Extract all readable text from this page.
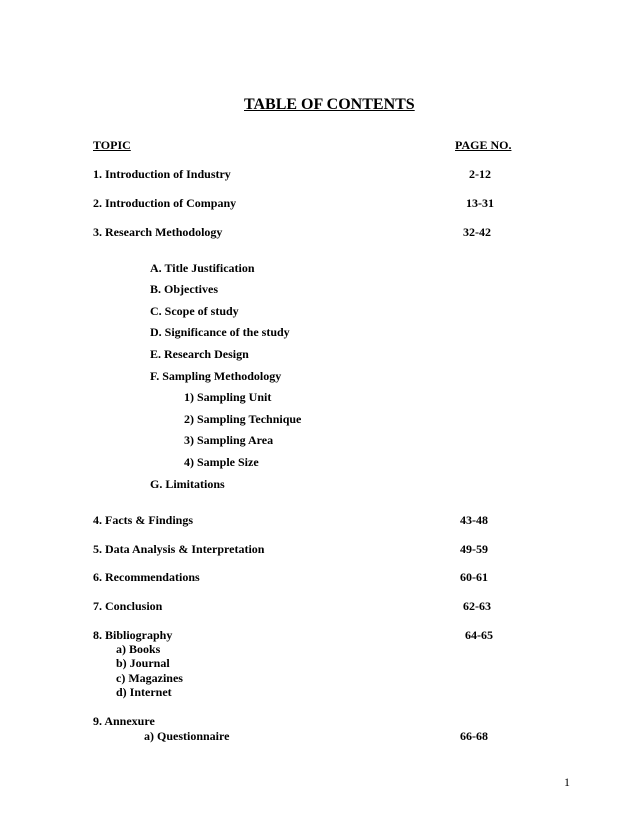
TABLE OF CONTENTS
TOPIC	PAGE NO.
1. Introduction of Industry	2-12
2. Introduction of Company	13-31
3. Research Methodology	32-42
A. Title Justification
B. Objectives
C. Scope of study
D. Significance of the study
E. Research Design
F. Sampling Methodology
1) Sampling Unit
2) Sampling Technique
3) Sampling Area
4) Sample Size
G. Limitations
4. Facts & Findings	43-48
5. Data Analysis & Interpretation	49-59
6. Recommendations	60-61
7. Conclusion	62-63
8. Bibliography	64-65
a) Books
b) Journal
c) Magazines
d) Internet
9. Annexure
a) Questionnaire	66-68
1
